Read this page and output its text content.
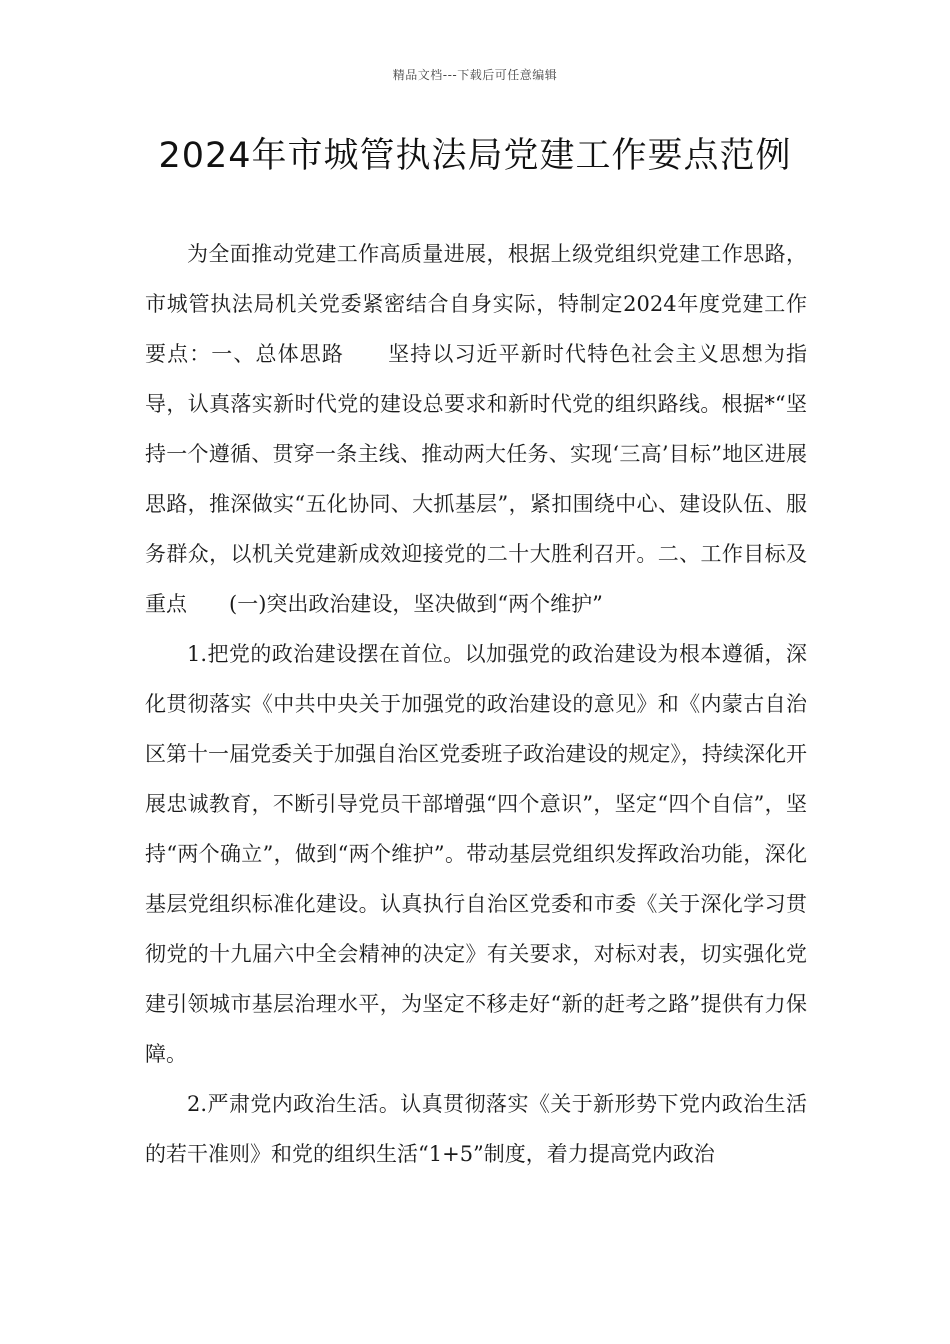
精品文档---下载后可任意编辑
2024年市城管执法局党建工作要点范例

为全面推动党建工作高质量进展，根据上级党组织党建工作思路，市城管执法局机关党委紧密结合自身实际，特制定2024年度党建工作要点：一、总体思路　　坚持以习近平新时代特色社会主义思想为指导，认真落实新时代党的建设总要求和新时代党的组织路线。根据*“坚持一个遵循、贯穿一条主线、推动两大任务、实现‘三高’目标”地区进展思路，推深做实“五化协同、大抓基层”，紧扣围绕中心、建设队伍、服务群众，以机关党建新成效迎接党的二十大胜利召开。二、工作目标及重点　　(一)突出政治建设，坚决做到“两个维护”

1.把党的政治建设摆在首位。以加强党的政治建设为根本遵循，深化贯彻落实《中共中央关于加强党的政治建设的意见》和《内蒙古自治区第十一届党委关于加强自治区党委班子政治建设的规定》，持续深化开展忠诚教育，不断引导党员干部增强“四个意识”，坚定“四个自信”，坚持“两个确立”，做到“两个维护”。带动基层党组织发挥政治功能，深化基层党组织标准化建设。认真执行自治区党委和市委《关于深化学习贯彻党的十九届六中全会精神的决定》有关要求，对标对表，切实强化党建引领城市基层治理水平，为坚定不移走好“新的赶考之路”提供有力保障。

2.严肃党内政治生活。认真贯彻落实《关于新形势下党内政治生活的若干准则》和党的组织生活“1+5”制度，着力提高党内政治
